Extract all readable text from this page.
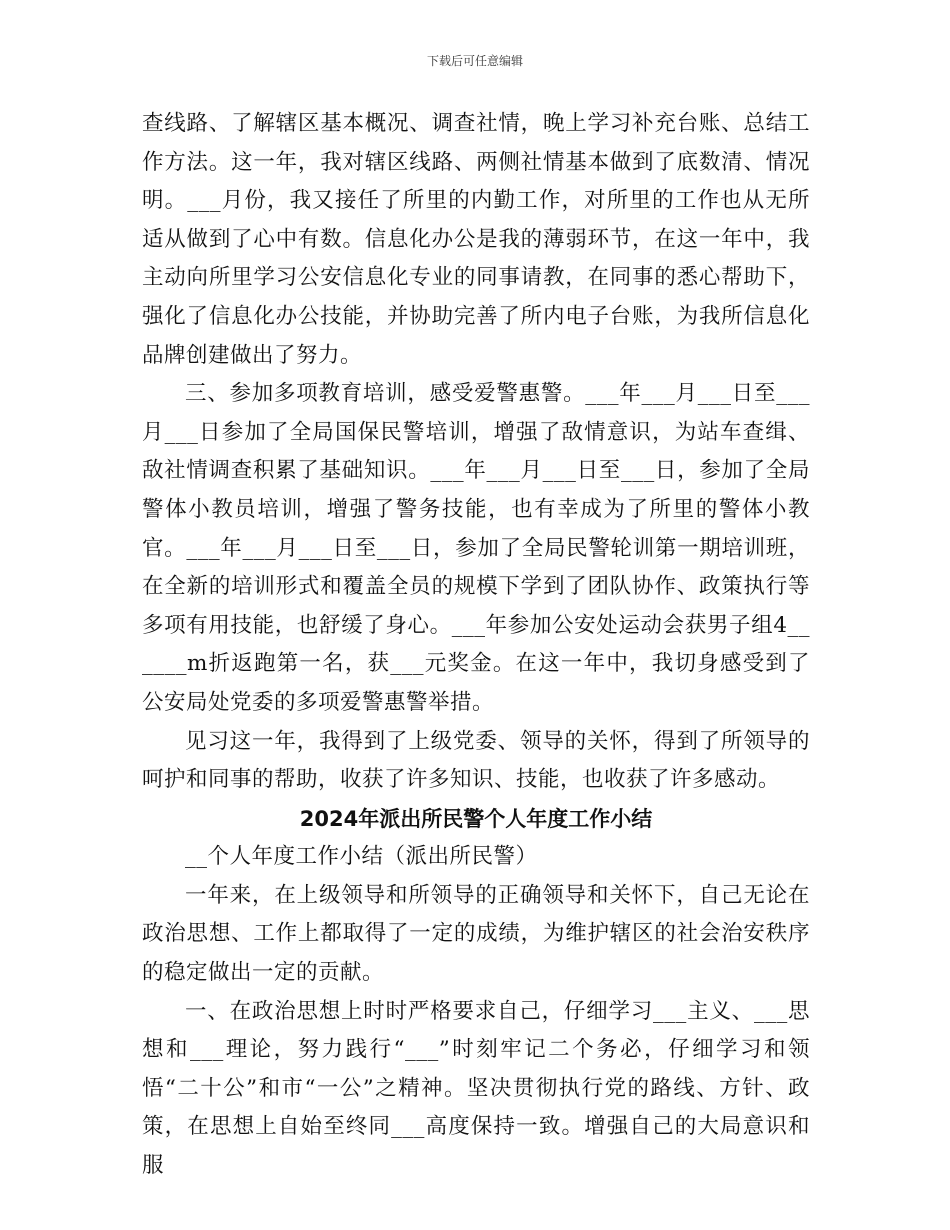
下载后可任意编辑

查线路、了解辖区基本概况、调查社情，晚上学习补充台账、总结工作方法。这一年，我对辖区线路、两侧社情基本做到了底数清、情况明。___月份，我又接任了所里的内勤工作，对所里的工作也从无所适从做到了心中有数。信息化办公是我的薄弱环节，在这一年中，我主动向所里学习公安信息化专业的同事请教，在同事的悉心帮助下，强化了信息化办公技能，并协助完善了所内电子台账，为我所信息化品牌创建做出了努力。

三、参加多项教育培训，感受爱警惠警。___年___月___日至___月___日参加了全局国保民警培训，增强了敌情意识，为站车查缉、敌社情调查积累了基础知识。___年___月___日至___日，参加了全局警体小教员培训，增强了警务技能，也有幸成为了所里的警体小教官。___年___月___日至___日，参加了全局民警轮训第一期培训班，在全新的培训形式和覆盖全员的规模下学到了团队协作、政策执行等多项有用技能，也舒缓了身心。___年参加公安处运动会获男子组4______m折返跑第一名，获___元奖金。在这一年中，我切身感受到了公安局处党委的多项爱警惠警举措。

见习这一年，我得到了上级党委、领导的关怀，得到了所领导的呵护和同事的帮助，收获了许多知识、技能，也收获了许多感动。

2024年派出所民警个人年度工作小结

__个人年度工作小结（派出所民警）

一年来，在上级领导和所领导的正确领导和关怀下，自己无论在政治思想、工作上都取得了一定的成绩，为维护辖区的社会治安秩序的稳定做出一定的贡献。

一、在政治思想上时时严格要求自己，仔细学习___主义、___思想和___理论，努力践行“___”时刻牢记二个务必，仔细学习和领悟“二十公”和市“一公”之精神。坚决贯彻执行党的路线、方针、政策，在思想上自始至终同___高度保持一致。增强自己的大局意识和服
